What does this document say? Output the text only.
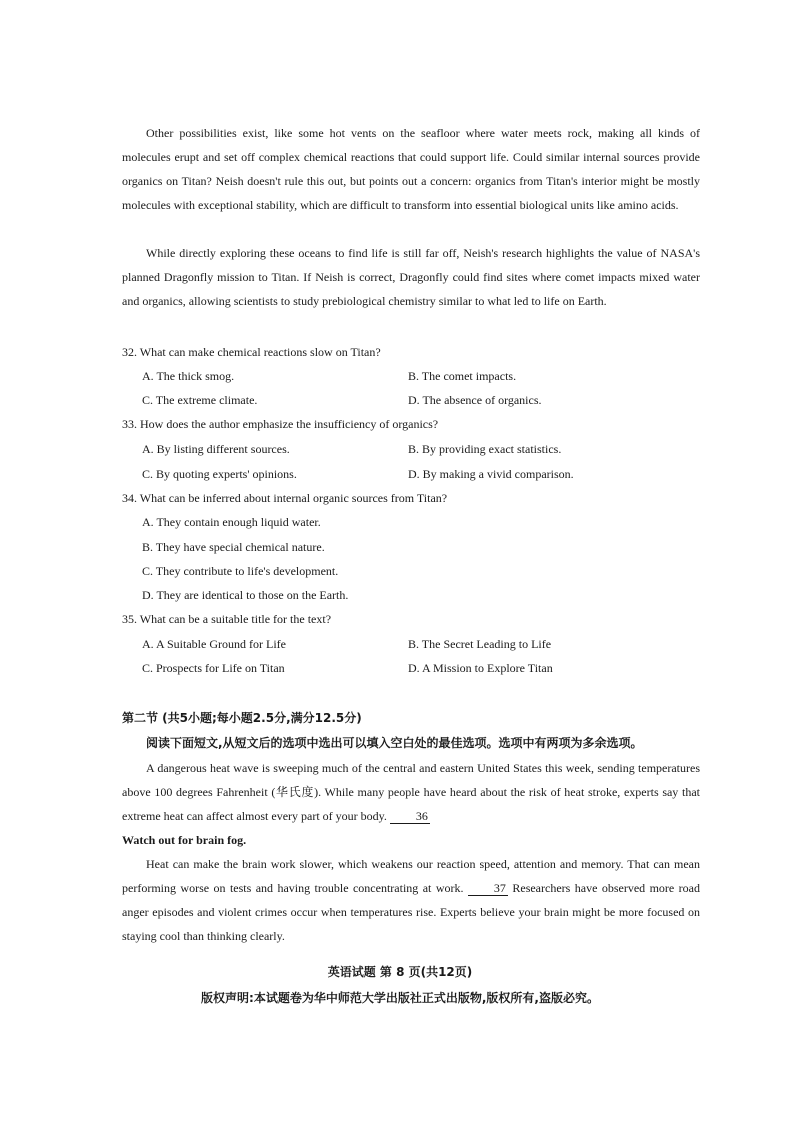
Other possibilities exist, like some hot vents on the seafloor where water meets rock, making all kinds of molecules erupt and set off complex chemical reactions that could support life. Could similar internal sources provide organics on Titan? Neish doesn't rule this out, but points out a concern: organics from Titan's interior might be mostly molecules with exceptional stability, which are difficult to transform into essential biological units like amino acids.

While directly exploring these oceans to find life is still far off, Neish's research highlights the value of NASA's planned Dragonfly mission to Titan. If Neish is correct, Dragonfly could find sites where comet impacts mixed water and organics, allowing scientists to study prebiological chemistry similar to what led to life on Earth.

32. What can make chemical reactions slow on Titan?

A. The thick smog.	B. The comet impacts.

C. The extreme climate.	D. The absence of organics.

33. How does the author emphasize the insufficiency of organics?

A. By listing different sources.	B. By providing exact statistics.

C. By quoting experts' opinions.	D. By making a vivid comparison.

34. What can be inferred about internal organic sources from Titan?

A. They contain enough liquid water.

B. They have special chemical nature.

C. They contribute to life's development.

D. They are identical to those on the Earth.

35. What can be a suitable title for the text?

A. A Suitable Ground for Life	B. The Secret Leading to Life

C. Prospects for Life on Titan	D. A Mission to Explore Titan

第二节 (共5小题;每小题2.5分,满分12.5分)
阅读下面短文,从短文后的选项中选出可以填入空白处的最佳选项。选项中有两项为多余选项。

A dangerous heat wave is sweeping much of the central and eastern United States this week, sending temperatures above 100 degrees Fahrenheit (华氏度). While many people have heard about the risk of heat stroke, experts say that extreme heat can affect almost every part of your body. 36

Watch out for brain fog.

Heat can make the brain work slower, which weakens our reaction speed, attention and memory. That can mean performing worse on tests and having trouble concentrating at work.	37 Researchers have observed more road anger episodes and violent crimes occur when temperatures rise. Experts believe your brain might be more focused on staying cool than thinking clearly.

英语试题 第 8 页(共12页)
版权声明:本试题卷为华中师范大学出版社正式出版物,版权所有,盗版必究。
